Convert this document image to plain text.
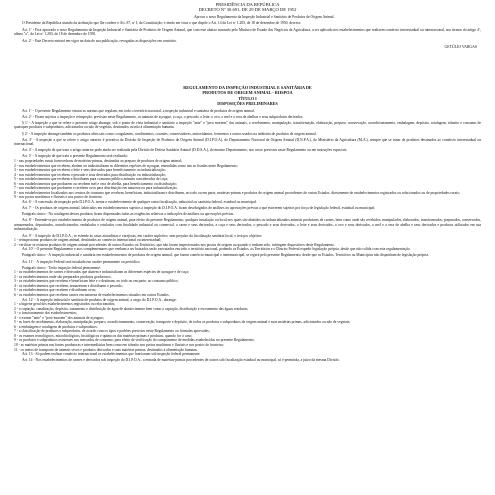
PRESIDÊNCIA DA REPÚBLICA
DECRETO Nº 30.691, DE 29 DE MARÇO DE 1952

Aprova o novo Regulamento da Inspeção Industrial e Sanitária de Produtos de Origem Animal.

O Presidente da República usando da atribuição que lhe confere o Art. 87, nº I, da Constituição; e tendo em vista o que dispõe o Art. 14 da Lei nº 1.283, de 18 de dezembro de 1950, decreta:

Art. 1º - Fica aprovado o novo Regulamento da Inspeção Industrial e Sanitária de Produtos de Origem Animal, que com este abaixo assinado pelo Ministro de Estado dos Negócios da Agricultura, a ser aplicado nos estabelecimentos que realizem comércio interestadual ou internacional, nos termos do artigo 4º, alínea "a", da Lei nº 1.283, de 18 de dezembro de 1950.

Art. 2º - Este Decreto entrará em vigor na data de sua publicação, revogadas as disposições em contrário.

GETÚLIO VARGAS
REGULAMENTO DA INSPEÇÃO INDUSTRIAL E SANITÁRIA DE
PRODUTOS DE ORIGEM ANIMAL - RIISPOA
TÍTULO I
DISPOSIÇÕES PRELIMINARES

Art. 1º - O presente Regulamento estatui as normas que regulam, em todo o território nacional, a inspeção industrial e sanitária de produtos de origem animal.

Art. 2º - Ficam sujeitos a inspeção e reinspeção, previstas neste Regulamento, os animais de açougue, a caça, o pescado, o leite, o ovo, o mel e a cera de abelhas e seus subprodutos derivados.

§ 1º - A inspeção a que se refere o presente artigo abrange, sob o ponto de vista industrial e sanitário a inspeção "ante" e "post mortem" dos animais, o recebimento, manipulação, transformação, elaboração, preparo, conservação, acondicionamento, embalagem, depósito, rotulagem, trânsito e consumo de quaisquer produtos e subprodutos, adicionados ou não de vegetais, destinados ou não à alimentação humana.

§ 2º - A inspeção abrange também os produtos afins tais como: coagulantes, condimentos, corantes, conservadores, antioxidantes, fermentos e outros usados na indústria de produtos de origem animal.

Art. 3º - A inspeção a que se refere o artigo anterior é privativa da Divisão de Inspeção de Produtos de Origem Animal (D.I.P.O.A), do Departamento Nacional de Origem Animal (D.N.P.A.), do Ministério da Agricultura (M.A.), sempre que se tratar de produtos destinados ao comércio interestadual ou internacional.

Art. 4º - A inspeção de que trata o artigo anterior pode ainda ser realizada pela Divisão de Defesa Sanitária Animal (D.D.S.A.), do mesmo Departamento, nos casos previstos neste Regulamento ou em instruções especiais.

Art. 5º - A inspeção de que trata o presente Regulamento será realizada:

1 - nas propriedades rurais fornecedoras de matérias-primas, destinadas ao preparo de produtos de origem animal;

2 - nos estabelecimentos que recebem, abatem ou industrializam as diferentes espécies de açougue, entendidas como tais as fixadas neste Regulamento;

3 - nos estabelecimentos que recebem o leite e seus derivados para beneficiamento ou industrialização;

4 - nos estabelecimentos que recebem o pescado e seus derivados para distribuição ou industrialização;

5 - nos estabelecimentos que recebem e distribuem para consumo público animais considerados de caça;

6 - nos estabelecimentos que produzem ou recebem mel e cera de abelha, para beneficiamento ou distribuição;

7 - nos estabelecimentos que produzem e recebem ovos para distribuição em natureza ou para industrialização;

8 - nos estabelecimentos localizados nos centros de consumo que recebem, beneficiam, industrializam e distribuem, no todo ou em parte, matérias-primas e produtos de origem animal procedentes de outros Estados, diretamente de estabelecimentos registrados ou relacionados ou de propriedades rurais;

9 - nos portos marítimos e fluviais e nos postos de fronteira.

Art. 6º - A concessão de inspeção pelo D.I.P.O.A. isenta o estabelecimento de qualquer outra fiscalização, industrial ou sanitária federal, estadual ou municipal.

Art. 7º - Os produtos de origem animal, fabricados em estabelecimentos sujeitos a inspeção do D.I.P.O.A. ficam desobrigados de análises ou aprovações prévias a que estiverem sujeitos por força de legislação federal, estadual ou municipal.

Parágrafo único - Na rotulagem desses produtos ficam dispensadas todas as exigências relativas a indicações de análises ou aprovações prévias.

Art. 8º - Entende-se por estabelecimento de produtos de origem animal, para efeito do presente Regulamento, qualquer instalação ou local nos quais são abatidos ou industrializados animais produtores de carnes, bem como onde são recebidos, manipulados, elaborados, transformados, preparados, conservados, armazenados, depositados, acondicionados, embalados e rotulados com finalidade industrial ou comercial, a carne e seus derivados, a caça e seus derivados, o pescado e seus derivados, o leite e seus derivados, o ovo e seus derivados, o mel e a cera de abelha e seus derivados e produtos utilizados em sua industrialização.

Art. 9º - A inspeção do D.I.P.O.A., se estende às casas atacadistas e varejistas, em caráter supletivo, sem prejuízo da fiscalização sanitária local, e terá por objetivo:

1 - reinspecionar produtos de origem animal, destinados ao comércio internacional ou interestadual;

2 - verificar se existem produtos de origem animal procedentes de outros Estados ou Territórios, que não foram inspecionados nos postos de origem ou quando o tenham sido, infringem dispositivos deste Regulamento.

Art. 10º - O presente Regulamento e atos complementares que venham a ser baixados serão executados em todo o território nacional, podendo os Estados, os Territórios e o Distrito Federal expedir legislação própria, desde que não colida com esta regulamentação.

Parágrafo único - A inspeção industrial e sanitária em estabelecimentos de produtos de origem animal, que fazem comércio municipal e intermunicipal, se regerá pelo presente Regulamento, desde que os Estados, Territórios ou Municípios não disponham de legislação própria.

Art. 11º - A inspeção Federal será instalada em caráter permanente ou periódico.

Parágrafo único - Terão inspeção federal permanente:

1 - os estabelecimentos de carnes e derivados que abatem e industrializam as diferentes espécies de açougue e de caça;

2 - os estabelecimentos onde são preparados produtos gordurosos;

3 - os estabelecimentos que recebem e beneficiam leite e o destinam, no todo ou em parte, ao consumo público;

4 - os estabelecimentos que recebem, armazenam e distribuem o pescado;

5 - os estabelecimentos que recebem e distribuem ovos;

6 - os estabelecimentos que recebem carnes em natureza de estabelecimentos situados em outros Estados.

Art. 12º - A inspeção industrial e sanitária de produtos de origem animal, a cargo do D.I.P.O.A., abrange:

1 - a higiene geral dos estabelecimentos registrados ou relacionados;

2 - a captação, canalização, depósito, tratamento e distribuição de água de abastecimento bem como a captação, distribuição e escoamento das águas residuais;

3 - o funcionamento dos estabelecimentos;

4 - o exame "ante" e "post-mortem" dos animais de açougue;

5 - as fases de recebimento, elaboração, manipulação, preparo, acondicionamento, conservação, transporte e depósito, de todos os produtos e subprodutos de origem animal e suas matérias primas, adicionados ou não de vegetais;

6 - a embalagem e rotulagem de produtos e subprodutos;

7 - a classificação de produtos e subprodutos, de acordo com os tipos e padrões previstos neste Regulamento ou fórmulas aprovadas;

8 - os exames tecnológicos, microbiológicos, histológicos e químicos das matérias-primas e produtos, quando for o caso;

9 - os produtos e subprodutos existentes nos mercados de consumo, para efeito de verificação do cumprimento de medidas estabelecidas no presente Regulamento;

10 - as matérias primas nas fontes produtoras e intermediárias bem como em trânsito nos portos marítimos e fluviais e nos postos de fronteira;

11 - os meios de transporte de animais vivos e produtos derivados e suas matérias primas, destinados à alimentação humana.

Art. 13 - Só podem realizar comércio internacional os estabelecimentos que funcionam sob inspeção federal permanente.

Art. 14 - Nos estabelecimentos de carnes e derivados sob inspeção do D.I.P.O.A., a entrada de matérias-primas procedentes de outros sob fiscalização estadual ou municipal, só é permitida, a juízo da mesma Divisão.
